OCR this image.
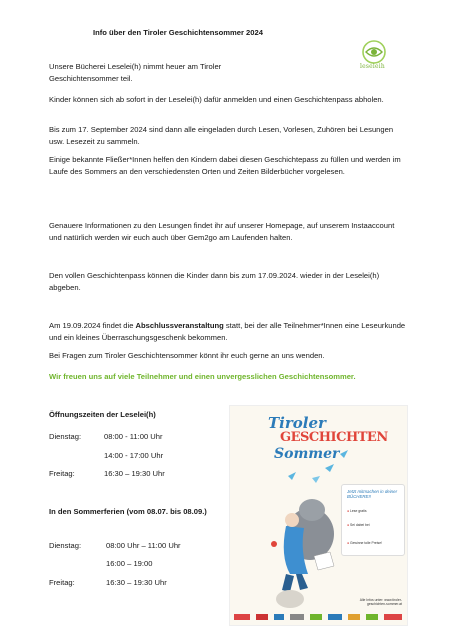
Info über den Tiroler Geschichtensommer 2024
leseleih

Unsere Bücherei Leselei(h) nimmt heuer am Tiroler Geschichtensommer teil.

Kinder können sich ab sofort in der Leselei(h) dafür anmelden und einen Geschichtenpass abholen.

Bis zum 17. September 2024 sind dann alle eingeladen durch Lesen, Vorlesen, Zuhören bei Lesungen usw. Lesezeit zu sammeln.

Einige bekannte Fließer*Innen helfen den Kindern dabei diesen Geschichtepass zu füllen und werden im Laufe des Sommers an den verschiedensten Orten und Zeiten Bilderbücher vorgelesen.

Genauere Informationen zu den Lesungen findet ihr auf unserer Homepage, auf unserem Instaaccount und natürlich werden wir euch auch über Gem2go am Laufenden halten.

Den vollen Geschichtenpass können die Kinder dann bis zum 17.09.2024. wieder in der Leselei(h) abgeben.

Am 19.09.2024 findet die Abschlussveranstaltung statt, bei der alle Teilnehmer*Innen eine Leseurkunde und ein kleines Überraschungsgeschenk bekommen.

Bei Fragen zum Tiroler Geschichtensommer könnt ihr euch gerne an uns wenden.

Wir freuen uns auf viele Teilnehmer und einen unvergesslichen Geschichtensommer.

Öffnungszeiten der Leselei(h)
Dienstag:	08:00 - 11:00 Uhr
14:00 - 17:00 Uhr
Freitag:	16:30 – 19:30 Uhr
In den Sommerferien (vom 08.07. bis 08.09.)
Dienstag:	08:00 Uhr – 11:00 Uhr
16:00 – 19:00
Freitag:	16:30 – 19:30 Uhr
Tiroler
GESCHICHTEN
Sommer
Jetzt mitmachen in deiner BÜCHEREI!
● Lese gratis
● Sei dabei bei
● Gewinne tolle Preise!
Alle Infos unter: www.tiroler-geschichten-sommer.at
